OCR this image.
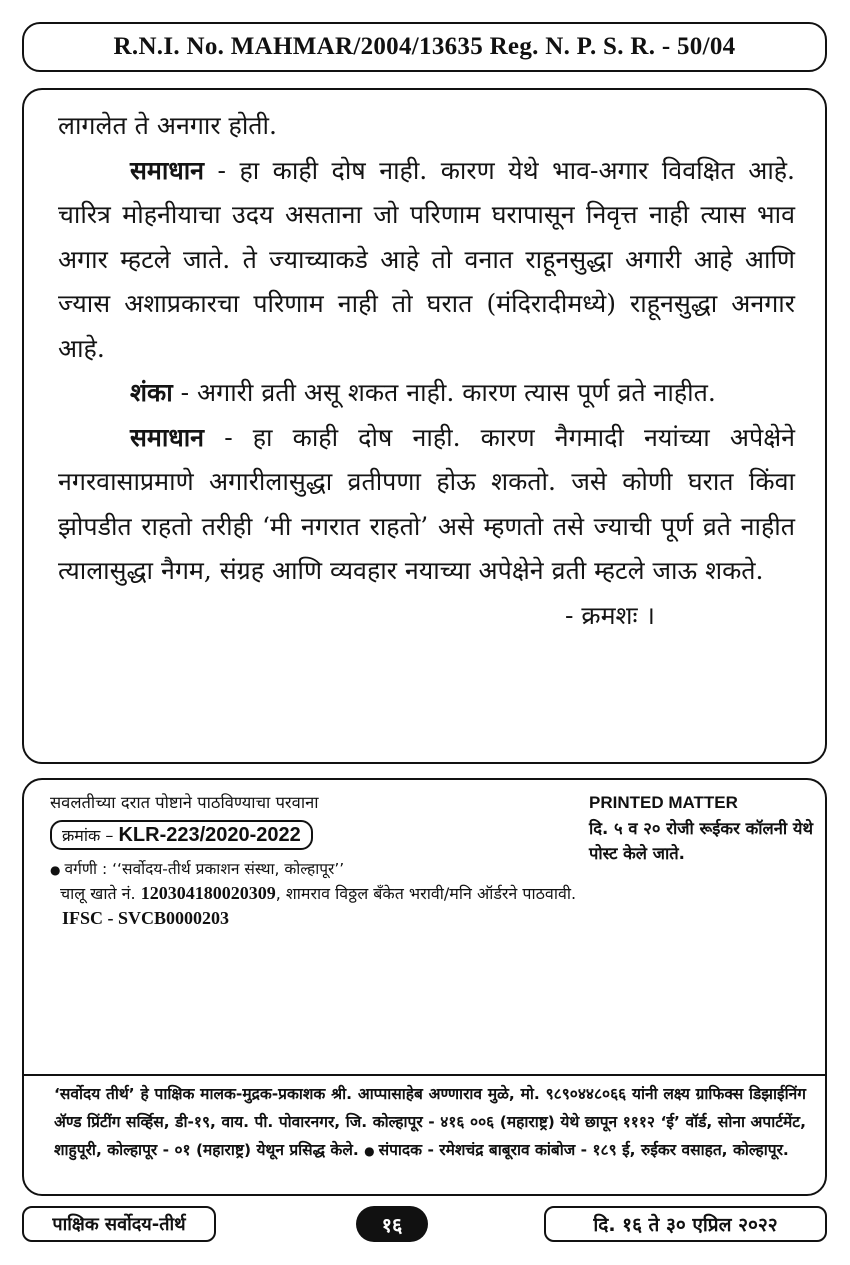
R.N.I. No. MAHMAR/2004/13635 Reg. N. P. S. R. - 50/04

लागलेत ते अनगार होती.

समाधान - हा काही दोष नाही. कारण येथे भाव-अगार विवक्षित आहे. चारित्र मोहनीयाचा उदय असताना जो परिणाम घरापासून निवृत्त नाही त्यास भाव अगार म्हटले जाते. ते ज्याच्याकडे आहे तो वनात राहूनसुद्धा अगारी आहे आणि ज्यास अशाप्रकारचा परिणाम नाही तो घरात (मंदिरादीमध्ये) राहूनसुद्धा अनगार आहे.

शंका - अगारी व्रती असू शकत नाही. कारण त्यास पूर्ण व्रते नाहीत.

समाधान - हा काही दोष नाही. कारण नैगमादी नयांच्या अपेक्षेने नगरवासाप्रमाणे अगारीलासुद्धा व्रतीपणा होऊ शकतो. जसे कोणी घरात किंवा झोपडीत राहतो तरीही ‘मी नगरात राहतो’ असे म्हणतो तसे ज्याची पूर्ण व्रते नाहीत त्यालासुद्धा नैगम, संग्रह आणि व्यवहार नयाच्या अपेक्षेने व्रती म्हटले जाऊ शकते.

- क्रमशः ।

सवलतीच्या दरात पोष्टाने पाठविण्याचा परवाना
क्रमांक – KLR-223/2020-2022
● वर्गणी : ‘‘सर्वोदय-तीर्थ प्रकाशन संस्था, कोल्हापूर’’
चालू खाते नं. 120304180020309, शामराव विठ्ठल बँकेत भरावी/मनि ऑर्डरने पाठवावी.
IFSC - SVCB0000203
PRINTED MATTER
दि. ५ व २० रोजी रूईकर कॉलनी येथे पोस्ट केले जाते.
‘सर्वोदय तीर्थ’ हे पाक्षिक मालक-मुद्रक-प्रकाशक श्री. आप्पासाहेब अण्णाराव मुळे, मो. ९८९०४४८०६६ यांनी लक्ष्य ग्राफिक्स डिझाईनिंग ॲण्ड प्रिंटींग सर्व्हिस, डी-१९, वाय. पी. पोवारनगर, जि. कोल्हापूर - ४१६ ००६ (महाराष्ट्र) येथे छापून १११२ ‘ई’ वॉर्ड, सोना अपार्टमेंट, शाहुपूरी, कोल्हापूर - ०१ (महाराष्ट्र) येथून प्रसिद्ध केले. ● संपादक - रमेशचंद्र बाबूराव कांबोज - १८९ ई, रुईकर वसाहत, कोल्हापूर.
पाक्षिक सर्वोदय-तीर्थ	१६	दि. १६ ते ३० एप्रिल २०२२
